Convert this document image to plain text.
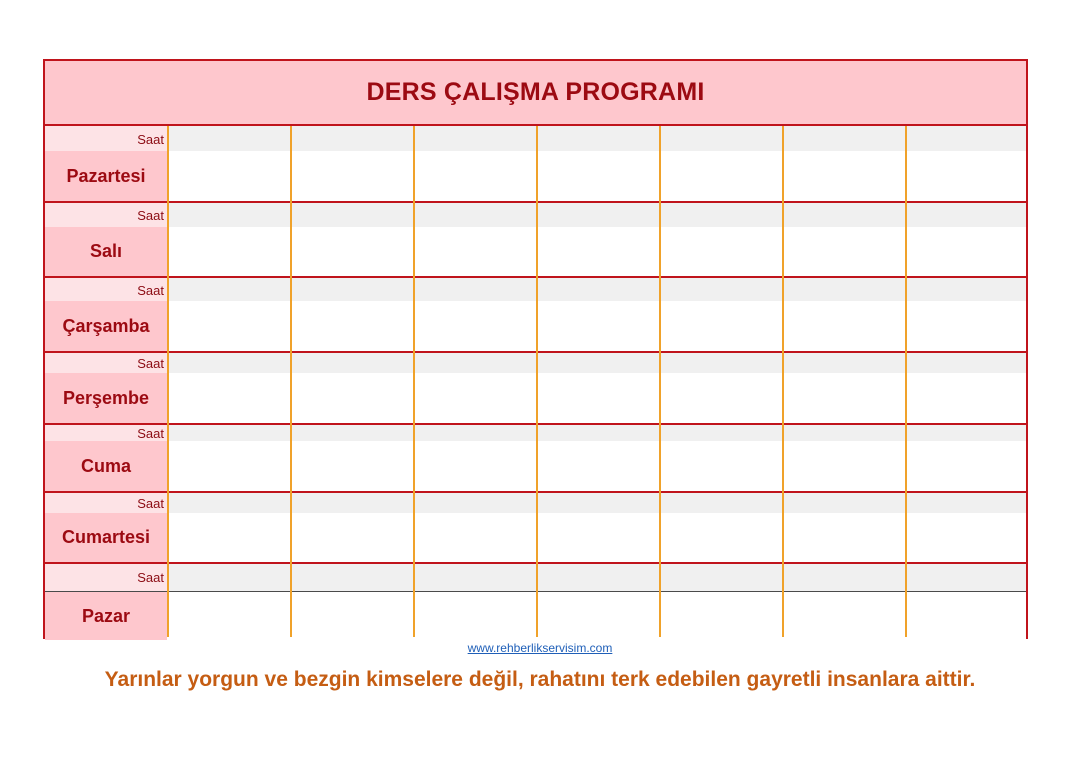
DERS ÇALIŞMA PROGRAMI
Saat
Pazartesi
Saat
Salı
Saat
Çarşamba
Saat
Perşembe
Saat
Cuma
Saat
Cumartesi
Saat
Pazar
www.rehberlikservisim.com
Yarınlar yorgun ve bezgin kimselere değil, rahatını terk edebilen gayretli insanlara aittir.
